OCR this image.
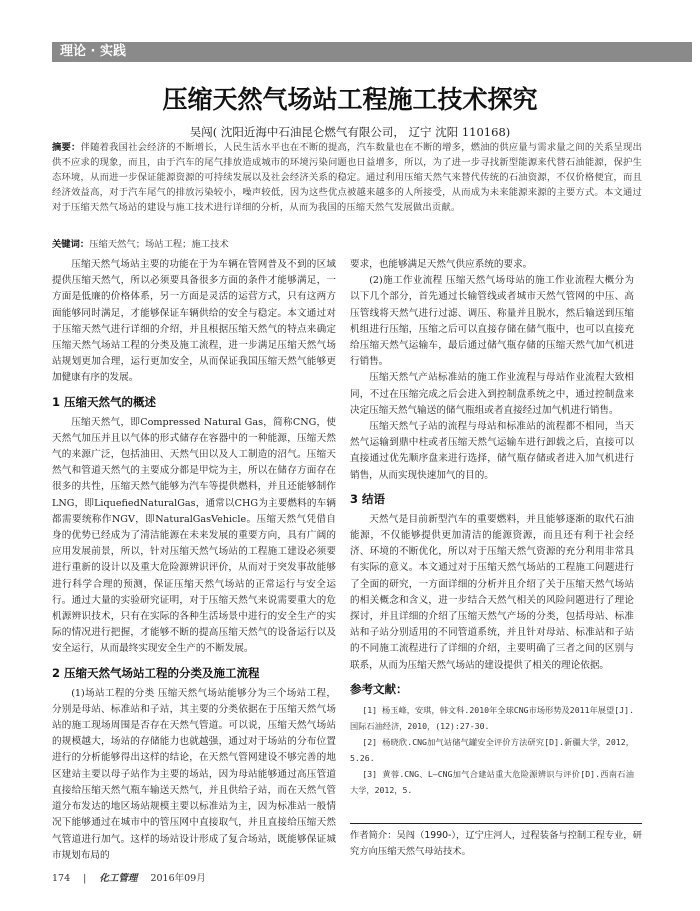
理论 · 实践
压缩天然气场站工程施工技术探究
吴闯( 沈阳近海中石油昆仑燃气有限公司， 辽宁 沈阳 110168)
摘要：伴随着我国社会经济的不断增长，人民生活水平也在不断的提高，汽车数量也在不断的增多，燃油的供应量与需求量之间的关系呈现出供不应求的现象，而且，由于汽车的尾气排放造成城市的环境污染问题也日益增多，所以，为了进一步寻找新型能源来代替石油能源，保护生态环境，从而进一步保证能源资源的可持续发展以及社会经济关系的稳定。通过利用压缩天然气来替代传统的石油资源，不仅价格便宜，而且经济效益高，对于汽车尾气的排放污染较小，噪声较低，因为这些优点被越来越多的人所接受，从而成为未来能源来源的主要方式。本文通过对于压缩天然气场站的建设与施工技术进行详细的分析，从而为我国的压缩天然气发展做出贡献。
关键词：压缩天然气；场站工程；施工技术

压缩天然气场站主要的功能在于为车辆在管网普及不到的区域提供压缩天然气，所以必须要具备很多方面的条件才能够满足，一方面是低廉的价格体系，另一方面是灵活的运营方式，只有这两方面能够同时满足，才能够保证车辆供给的安全与稳定。本文通过对于压缩天然气进行详细的介绍，并且根据压缩天然气的特点来确定压缩天然气场站工程的分类及施工流程，进一步满足压缩天然气场站规划更加合理，运行更加安全，从而保证我国压缩天然气能够更加健康有序的发展。

1 压缩天然气的概述

压缩天然气，即Compressed Natural Gas，简称CNG，使天然气加压并且以气体的形式储存在容器中的一种能源，压缩天然气的来源广泛，包括油田、天然气田以及人工制造的沼气。压缩天然气和管道天然气的主要成分都是甲烷为主，所以在储存方面存在很多的共性，压缩天然气能够为汽车等提供燃料，并且还能够制作LNG，即LiquefiedNaturalGas，通常以CHG为主要燃料的车辆都需要统称作NGV，即NaturalGasVehicle。压缩天然气凭借自身的优势已经成为了清洁能源在未来发展的重要方向，具有广阔的应用发展前景，所以，针对压缩天然气场站的工程施工建设必须要进行重新的设计以及重大危险源辨识评价，从而对于突发事故能够进行科学合理的预测，保证压缩天然气场站的正常运行与安全运行。通过大量的实验研究证明，对于压缩天然气来说需要重大的危机源辨识技术，只有在实际的各种生活场景中进行的安全生产的实际的情况进行把握，才能够不断的提高压缩天然气的设备运行以及安全运行，从而最终实现安全生产的不断发展。

2 压缩天然气场站工程的分类及施工流程

(1)场站工程的分类 压缩天然气场站能够分为三个场站工程，分别是母站、标准站和子站，其主要的分类依据在于压缩天然气场站的施工现场周围是否存在天然气管道。可以说，压缩天然气场站的规模越大，场站的存储能力也就越强，通过对于场站的分布位置进行的分析能够得出这样的结论，在天然气管网建设不够完善的地区建站主要以母子站作为主要的场站，因为母站能够通过高压管道直接给压缩天然气瓶车输送天然气，并且供给子站，而在天然气管道分布发达的地区场站规模主要以标准站为主，因为标准站一般情况下能够通过在城市中的管压网中直接取气，并且直接给压缩天然气管道进行加气。这样的场站设计形成了复合场站，既能够保证城市规划布局的

要求，也能够满足天然气供应系统的要求。

(2)施工作业流程 压缩天然气场母站的施工作业流程大概分为以下几个部分，首先通过长输管线或者城市天然气管网的中压、高压管线将天然气进行过滤、调压、称量并且脱水，然后输送到压缩机组进行压缩，压缩之后可以直接存储在储气瓶中，也可以直接充给压缩天然气运输车，最后通过储气瓶存储的压缩天然气加气机进行销售。

压缩天然气产站标准站的施工作业流程与母站作业流程大致相同，不过在压缩完成之后会进入到控制盘系统之中，通过控制盘来决定压缩天然气输送的储气瓶组或者直接经过加气机进行销售。

压缩天然气子站的流程与母站和标准站的流程都不相同，当天然气运输到鼎中柱或者压缩天然气运输车进行卸载之后，直接可以直接通过优先顺序盘来进行选择，储气瓶存储或者进入加气机进行销售，从而实现快速加气的目的。

3 结语

天然气是目前新型汽车的重要燃料，并且能够逐渐的取代石油能源，不仅能够提供更加清洁的能源资源，而且还有利于社会经济、环境的不断优化，所以对于压缩天然气资源的充分利用非常具有实际的意义。本文通过对于压缩天然气场站的工程施工问题进行了全面的研究，一方面详细的分析并且介绍了关于压缩天然气场站的相关概念和含义，进一步结合天然气相关的风险问题进行了理论探讨，并且详细的介绍了压缩天然气产场的分类，包括母站、标准站和子站分别适用的不同管道系统，并且针对母站、标准站和子站的不同施工流程进行了详细的介绍，主要明确了三者之间的区别与联系，从而为压缩天然气场站的建设提供了相关的理论依据。

参考文献：
[1] 杨玉峰，安琪，韩文科.2010年全球CNG市场形势及2011年展望[J].国际石油经济，2010，(12):27-30.
[2] 杨晓欣.CNG加气站储气罐安全评价方法研究[D].新疆大学，2012，5.26.
[3] 黄蓉.CNG、L—CNG加气合建站重大危险源辨识与评价[D].西南石油大学，2012，5.
作者简介：吴闯（1990-），辽宁庄河人，过程装备与控制工程专业，研究方向压缩天然气母站技术。
174 | 化工管理 2016年09月
